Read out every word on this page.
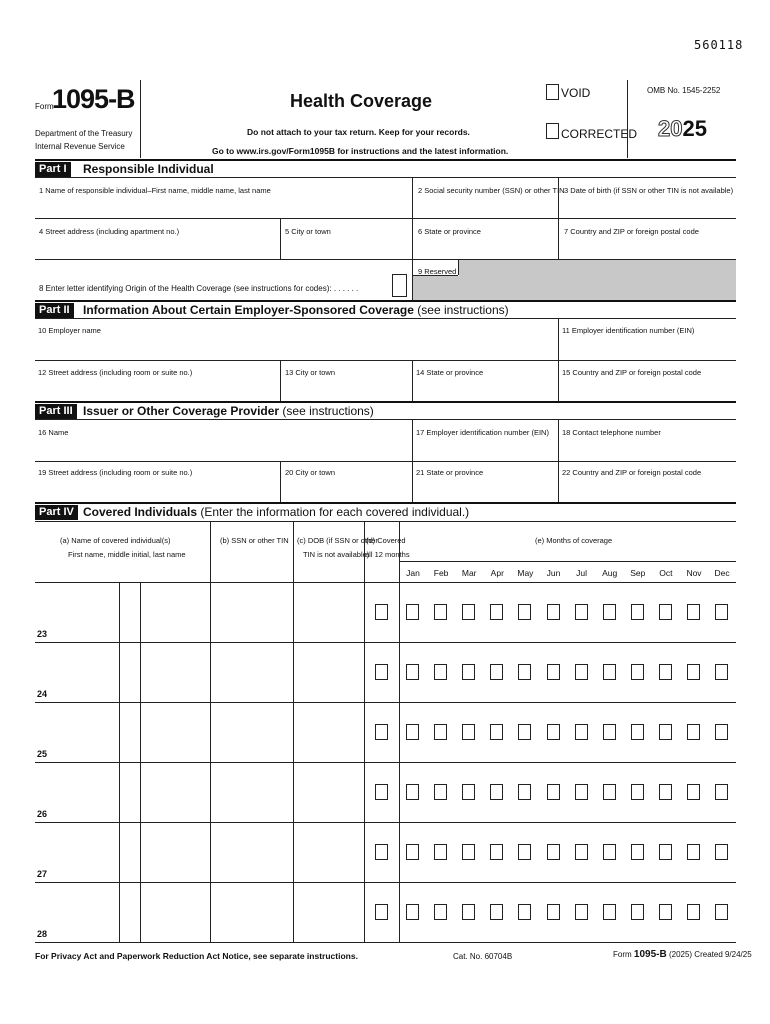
560118
Form
1095-B
Department of the Treasury
Internal Revenue Service
Health Coverage
Do not attach to your tax return. Keep for your records.
Go to www.irs.gov/Form1095B for instructions and the latest information.
VOID
CORRECTED
OMB No. 1545-2252
2025
Part I	Responsible Individual
1 Name of responsible individual–First name, middle name, last name	2 Social security number (SSN) or other TIN 3 Date of birth (if SSN or other TIN is not available)
4 Street address (including apartment no.)	5 City or town	6 State or province	7 Country and ZIP or foreign postal code
8 Enter letter identifying Origin of the Health Coverage (see instructions for codes): . . . . . .
9 Reserved
Part II	Information About Certain Employer-Sponsored Coverage (see instructions)
10 Employer name	11 Employer identification number (EIN)
12 Street address (including room or suite no.)	13 City or town	14 State or province	15 Country and ZIP or foreign postal code
Part III Issuer or Other Coverage Provider (see instructions)
16 Name	17 Employer identification number (EIN) 18 Contact telephone number
19 Street address (including room or suite no.)	20 City or town	21 State or province	22 Country and ZIP or foreign postal code
Part IV Covered Individuals (Enter the information for each covered individual.)
(a) Name of covered individual(s)
First name, middle initial, last name
(b) SSN or other TIN (c) DOB (if SSN or other
TIN is not available)
(d) Covered
all 12 months
(e) Months of coverage
Jan	Feb	Mar	Apr	May	Jun	Jul	Aug	Sep	Oct	Nov	Dec
23
24
25
26
27
28
For Privacy Act and Paperwork Reduction Act Notice, see separate instructions.	Cat. No. 60704B	Form 1095-B (2025) Created 9/24/25
